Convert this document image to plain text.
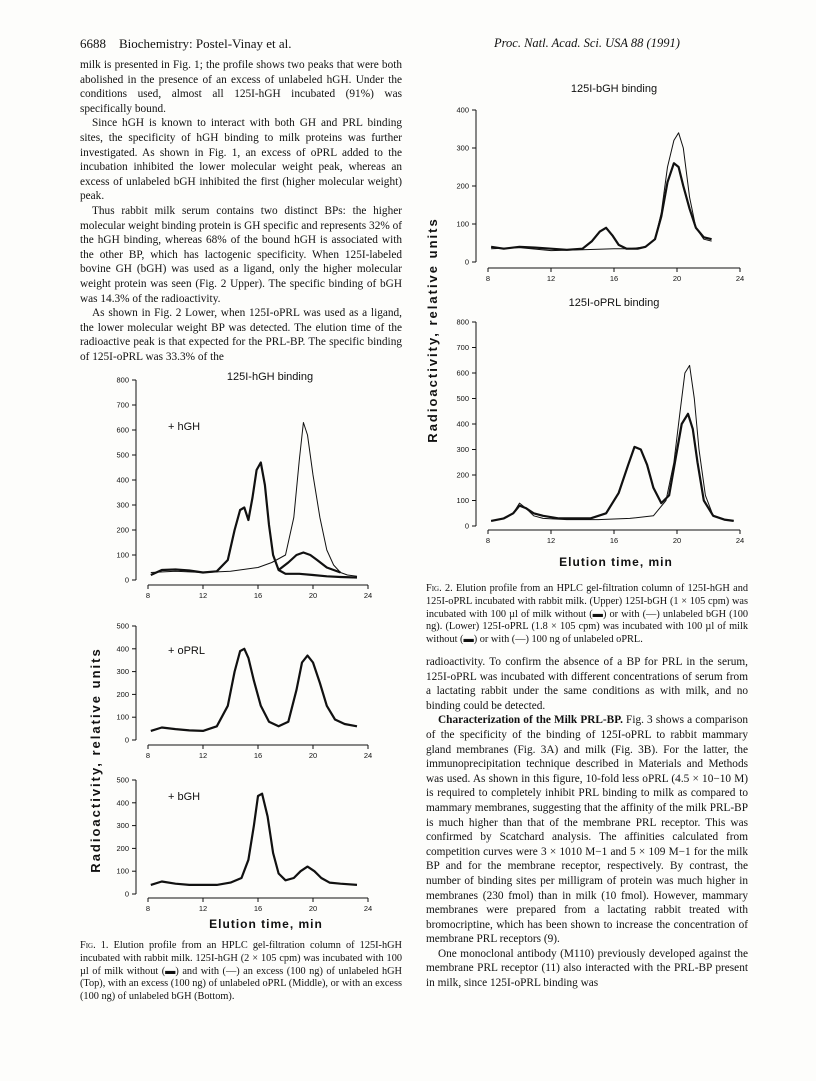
6688 Biochemistry: Postel-Vinay et al.	Proc. Natl. Acad. Sci. USA 88 (1991)

milk is presented in Fig. 1; the profile shows two peaks that were both abolished in the presence of an excess of unlabeled hGH. Under the conditions used, almost all 125I-hGH incubated (91%) was specifically bound.

Since hGH is known to interact with both GH and PRL binding sites, the specificity of hGH binding to milk proteins was further investigated. As shown in Fig. 1, an excess of oPRL added to the incubation inhibited the lower molecular weight peak, whereas an excess of unlabeled bGH inhibited the first (higher molecular weight) peak.

Thus rabbit milk serum contains two distinct BPs: the higher molecular weight binding protein is GH specific and represents 32% of the hGH binding, whereas 68% of the bound hGH is associated with the other BP, which has lactogenic specificity. When 125I-labeled bovine GH (bGH) was used as a ligand, only the higher molecular weight protein was seen (Fig. 2 Upper). The specific binding of bGH was 14.3% of the radioactivity.

As shown in Fig. 2 Lower, when 125I-oPRL was used as a ligand, the lower molecular weight BP was detected. The elution time of the radioactive peak is that expected for the PRL-BP. The specific binding of 125I-oPRL was 33.3% of the

radioactivity. To confirm the absence of a BP for PRL in the serum, 125I-oPRL was incubated with different concentrations of serum from a lactating rabbit under the same conditions as with milk, and no binding could be detected.

Characterization of the Milk PRL-BP. Fig. 3 shows a comparison of the specificity of the binding of 125I-oPRL to rabbit mammary gland membranes (Fig. 3A) and milk (Fig. 3B). For the latter, the immunoprecipitation technique described in Materials and Methods was used. As shown in this figure, 10-fold less oPRL (4.5 × 10−10 M) is required to completely inhibit PRL binding to milk as compared to mammary membranes, suggesting that the affinity of the milk PRL-BP is much higher than that of the membrane PRL receptor. This was confirmed by Scatchard analysis. The affinities calculated from competition curves were 3 × 1010 M−1 and 5 × 109 M−1 for the milk BP and for the membrane receptor, respectively. By contrast, the number of binding sites per milligram of protein was much higher in membranes (230 fmol) than in milk (10 fmol). However, mammary membranes were prepared from a lactating rabbit treated with bromocriptine, which has been shown to increase the concentration of membrane PRL receptors (9).

One monoclonal antibody (M110) previously developed against the membrane PRL receptor (11) also interacted with the PRL-BP present in milk, since 125I-oPRL binding was

Fig. 1. Elution profile from an HPLC gel-filtration column of 125I-hGH incubated with rabbit milk. 125I-hGH (2 × 105 cpm) was incubated with 100 µl of milk without (▬) and with (—) an excess (100 ng) of unlabeled hGH (Top), with an excess (100 ng) of unlabeled oPRL (Middle), or with an excess (100 ng) of unlabeled bGH (Bottom).
Fig. 2. Elution profile from an HPLC gel-filtration column of 125I-hGH and 125I-oPRL incubated with rabbit milk. (Upper) 125I-bGH (1 × 105 cpm) was incubated with 100 µl of milk without (▬) or with (—) unlabeled bGH (100 ng). (Lower) 125I-oPRL (1.8 × 105 cpm) was incubated with 100 µl of milk without (▬) or with (—) 100 ng of unlabeled oPRL.
125I-hGH binding
Radioactivity, relative units
Elution time, min
Radioactivity, relative units
Elution time, min
0
100
200
300
400
500
600
700
800
8	12	16	20	24
+ hGH
0
100
200
300
400
500
8	12	16	20	24
+ oPRL
0
100
200
300
400
500
8	12	16	20	24
+ bGH
0
100
200
300
400
8	12	16	20	24
125I-bGH binding
0
100
200
300
400
500
600
700
800
8	12	16	20	24
125I-oPRL binding
